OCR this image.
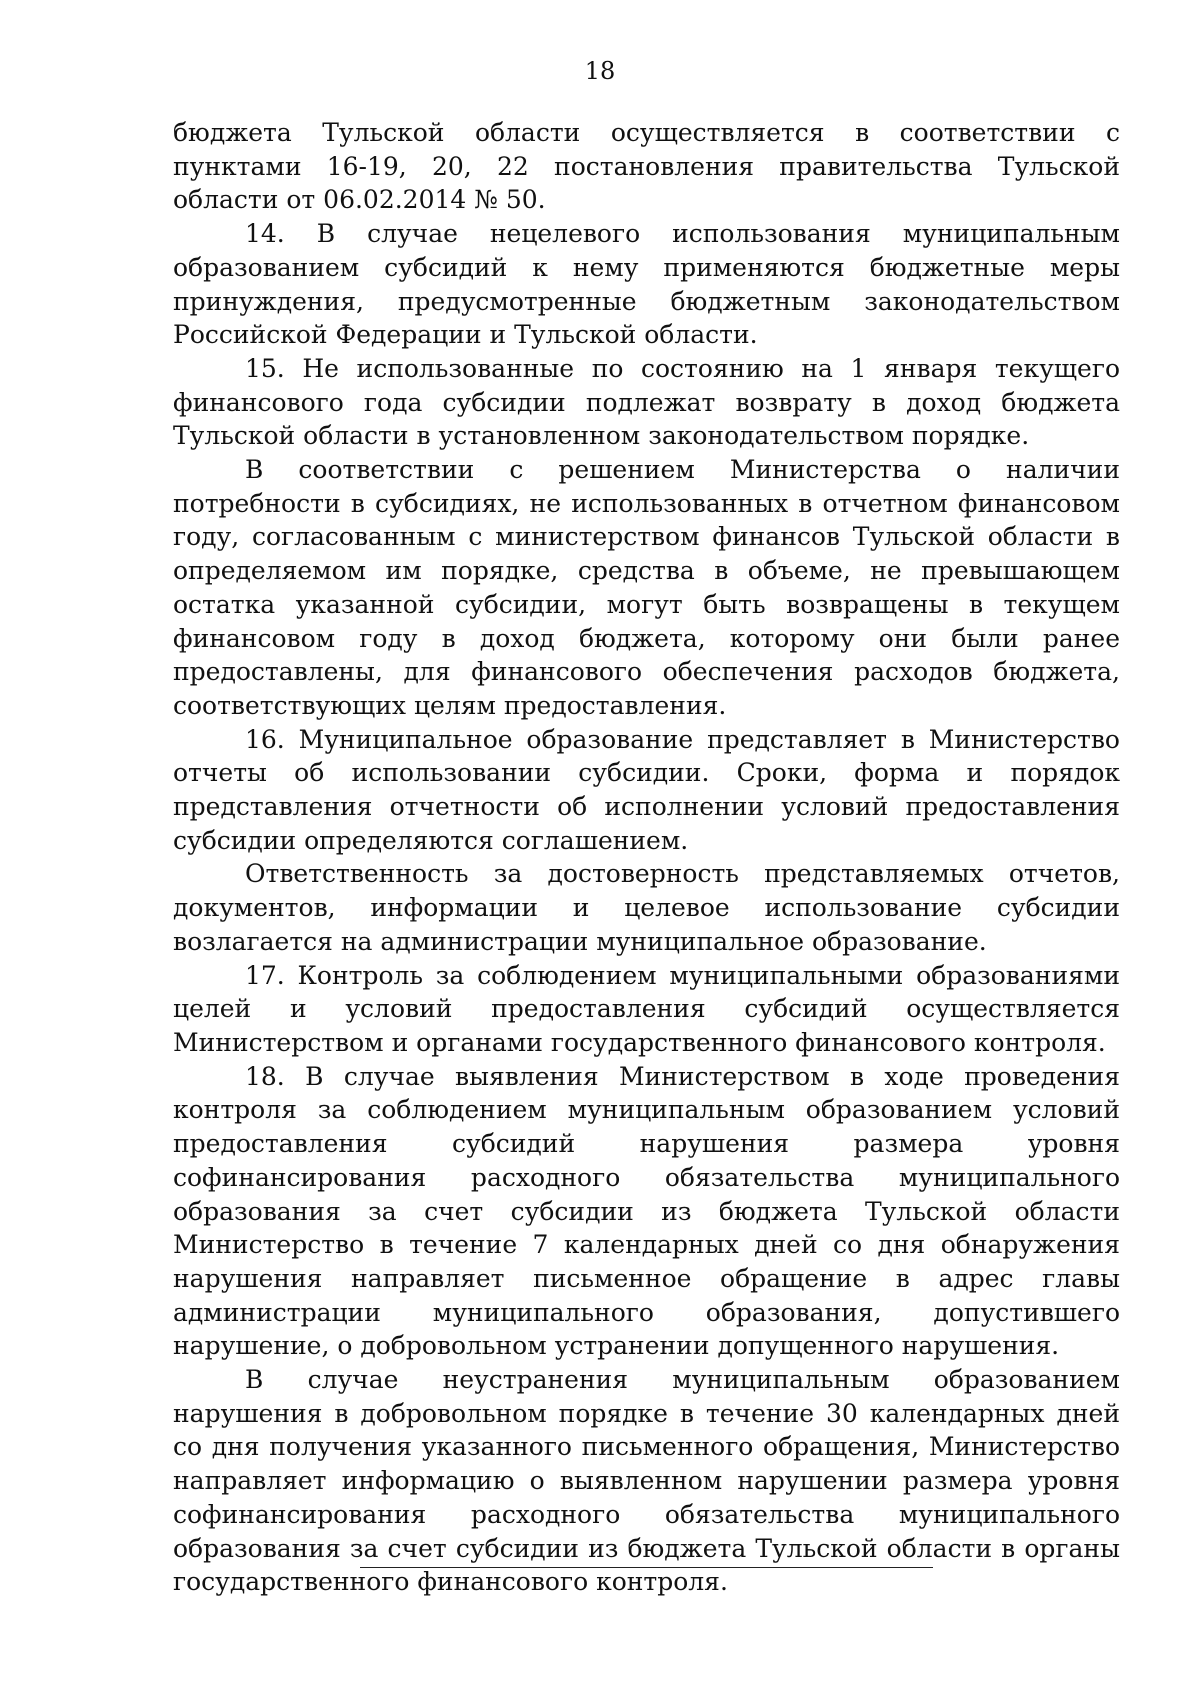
18

бюджета Тульской области осуществляется в соответствии с пунктами 16-19, 20, 22 постановления правительства Тульской области от 06.02.2014 № 50.

14. В случае нецелевого использования муниципальным образованием субсидий к нему применяются бюджетные меры принуждения, предусмотренные бюджетным законодательством Российской Федерации и Тульской области.

15. Не использованные по состоянию на 1 января текущего финансового года субсидии подлежат возврату в доход бюджета Тульской области в установленном законодательством порядке.

В соответствии с решением Министерства о наличии потребности в субсидиях, не использованных в отчетном финансовом году, согласованным с министерством финансов Тульской области в определяемом им порядке, средства в объеме, не превышающем остатка указанной субсидии, могут быть возвращены в текущем финансовом году в доход бюджета, которому они были ранее предоставлены, для финансового обеспечения расходов бюджета, соответствующих целям предоставления.

16. Муниципальное образование представляет в Министерство отчеты об использовании субсидии. Сроки, форма и порядок представления отчетности об исполнении условий предоставления субсидии определяются соглашением.

Ответственность за достоверность представляемых отчетов, документов, информации и целевое использование субсидии возлагается на администрации муниципальное образование.

17. Контроль за соблюдением муниципальными образованиями целей и условий предоставления субсидий осуществляется Министерством и органами государственного финансового контроля.

18. В случае выявления Министерством в ходе проведения контроля за соблюдением муниципальным образованием условий предоставления субсидий нарушения размера уровня софинансирования расходного обязательства муниципального образования за счет субсидии из бюджета Тульской области Министерство в течение 7 календарных дней со дня обнаружения нарушения направляет письменное обращение в адрес главы администрации муниципального образования, допустившего нарушение, о добровольном устранении допущенного нарушения.

В случае неустранения муниципальным образованием нарушения в добровольном порядке в течение 30 календарных дней со дня получения указанного письменного обращения, Министерство направляет информацию о выявленном нарушении размера уровня софинансирования расходного обязательства муниципального образования за счет субсидии из бюджета Тульской области в органы государственного финансового контроля.
